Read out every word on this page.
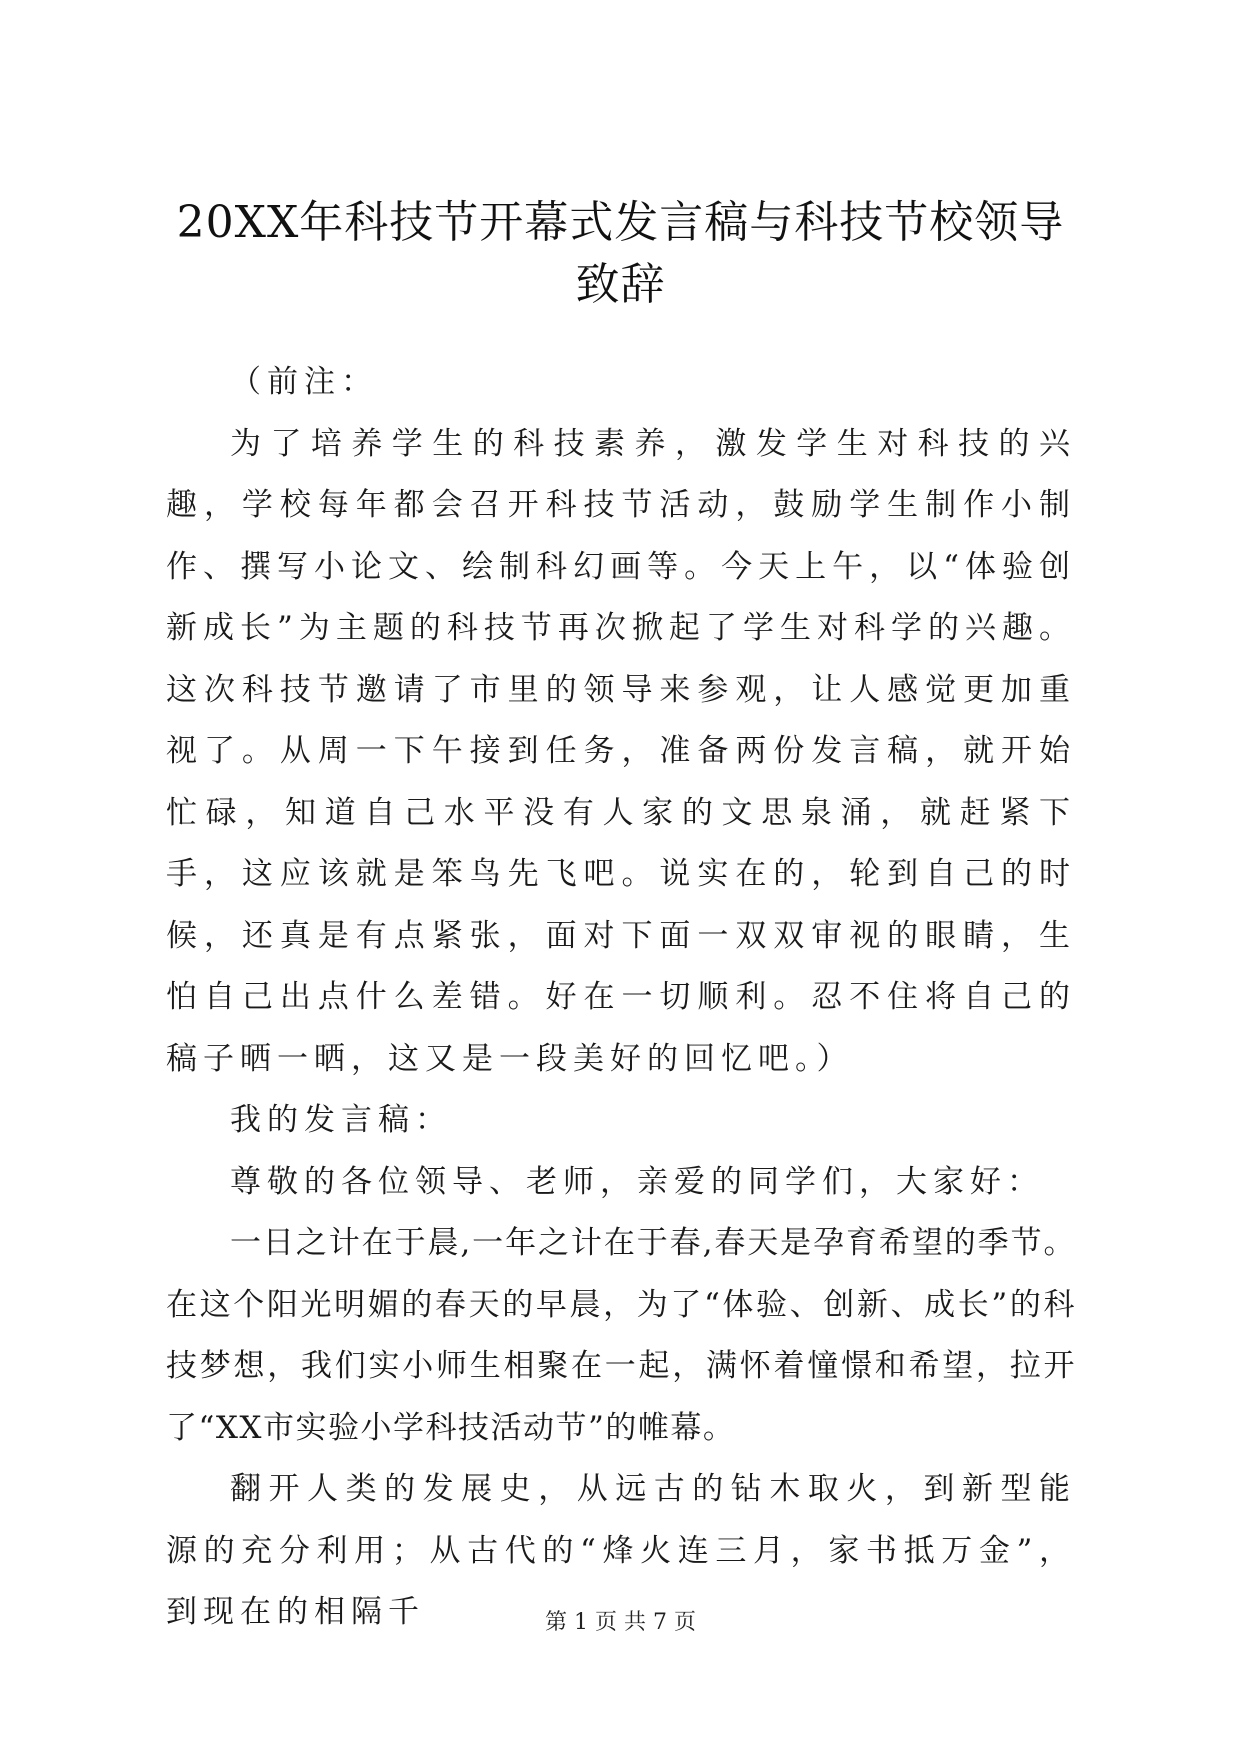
20XX年科技节开幕式发言稿与科技节校领导
致辞

（前注：

为了培养学生的科技素养，激发学生对科技的兴趣，学校每年都会召开科技节活动，鼓励学生制作小制作、撰写小论文、绘制科幻画等。今天上午，以“体验创新成长”为主题的科技节再次掀起了学生对科学的兴趣。这次科技节邀请了市里的领导来参观，让人感觉更加重视了。从周一下午接到任务，准备两份发言稿，就开始忙碌，知道自己水平没有人家的文思泉涌，就赶紧下手，这应该就是笨鸟先飞吧。说实在的，轮到自己的时候，还真是有点紧张，面对下面一双双审视的眼睛，生怕自己出点什么差错。好在一切顺利。忍不住将自己的稿子晒一晒，这又是一段美好的回忆吧。）

我的发言稿：

尊敬的各位领导、老师，亲爱的同学们，大家好：

一日之计在于晨,一年之计在于春,春天是孕育希望的季节。在这个阳光明媚的春天的早晨，为了“体验、创新、成长”的科技梦想，我们实小师生相聚在一起，满怀着憧憬和希望，拉开了“XX市实验小学科技活动节”的帷幕。

翻开人类的发展史，从远古的钻木取火，到新型能源的充分利用；从古代的“烽火连三月，家书抵万金”，到现在的相隔千	第 1 页 共 7 页
